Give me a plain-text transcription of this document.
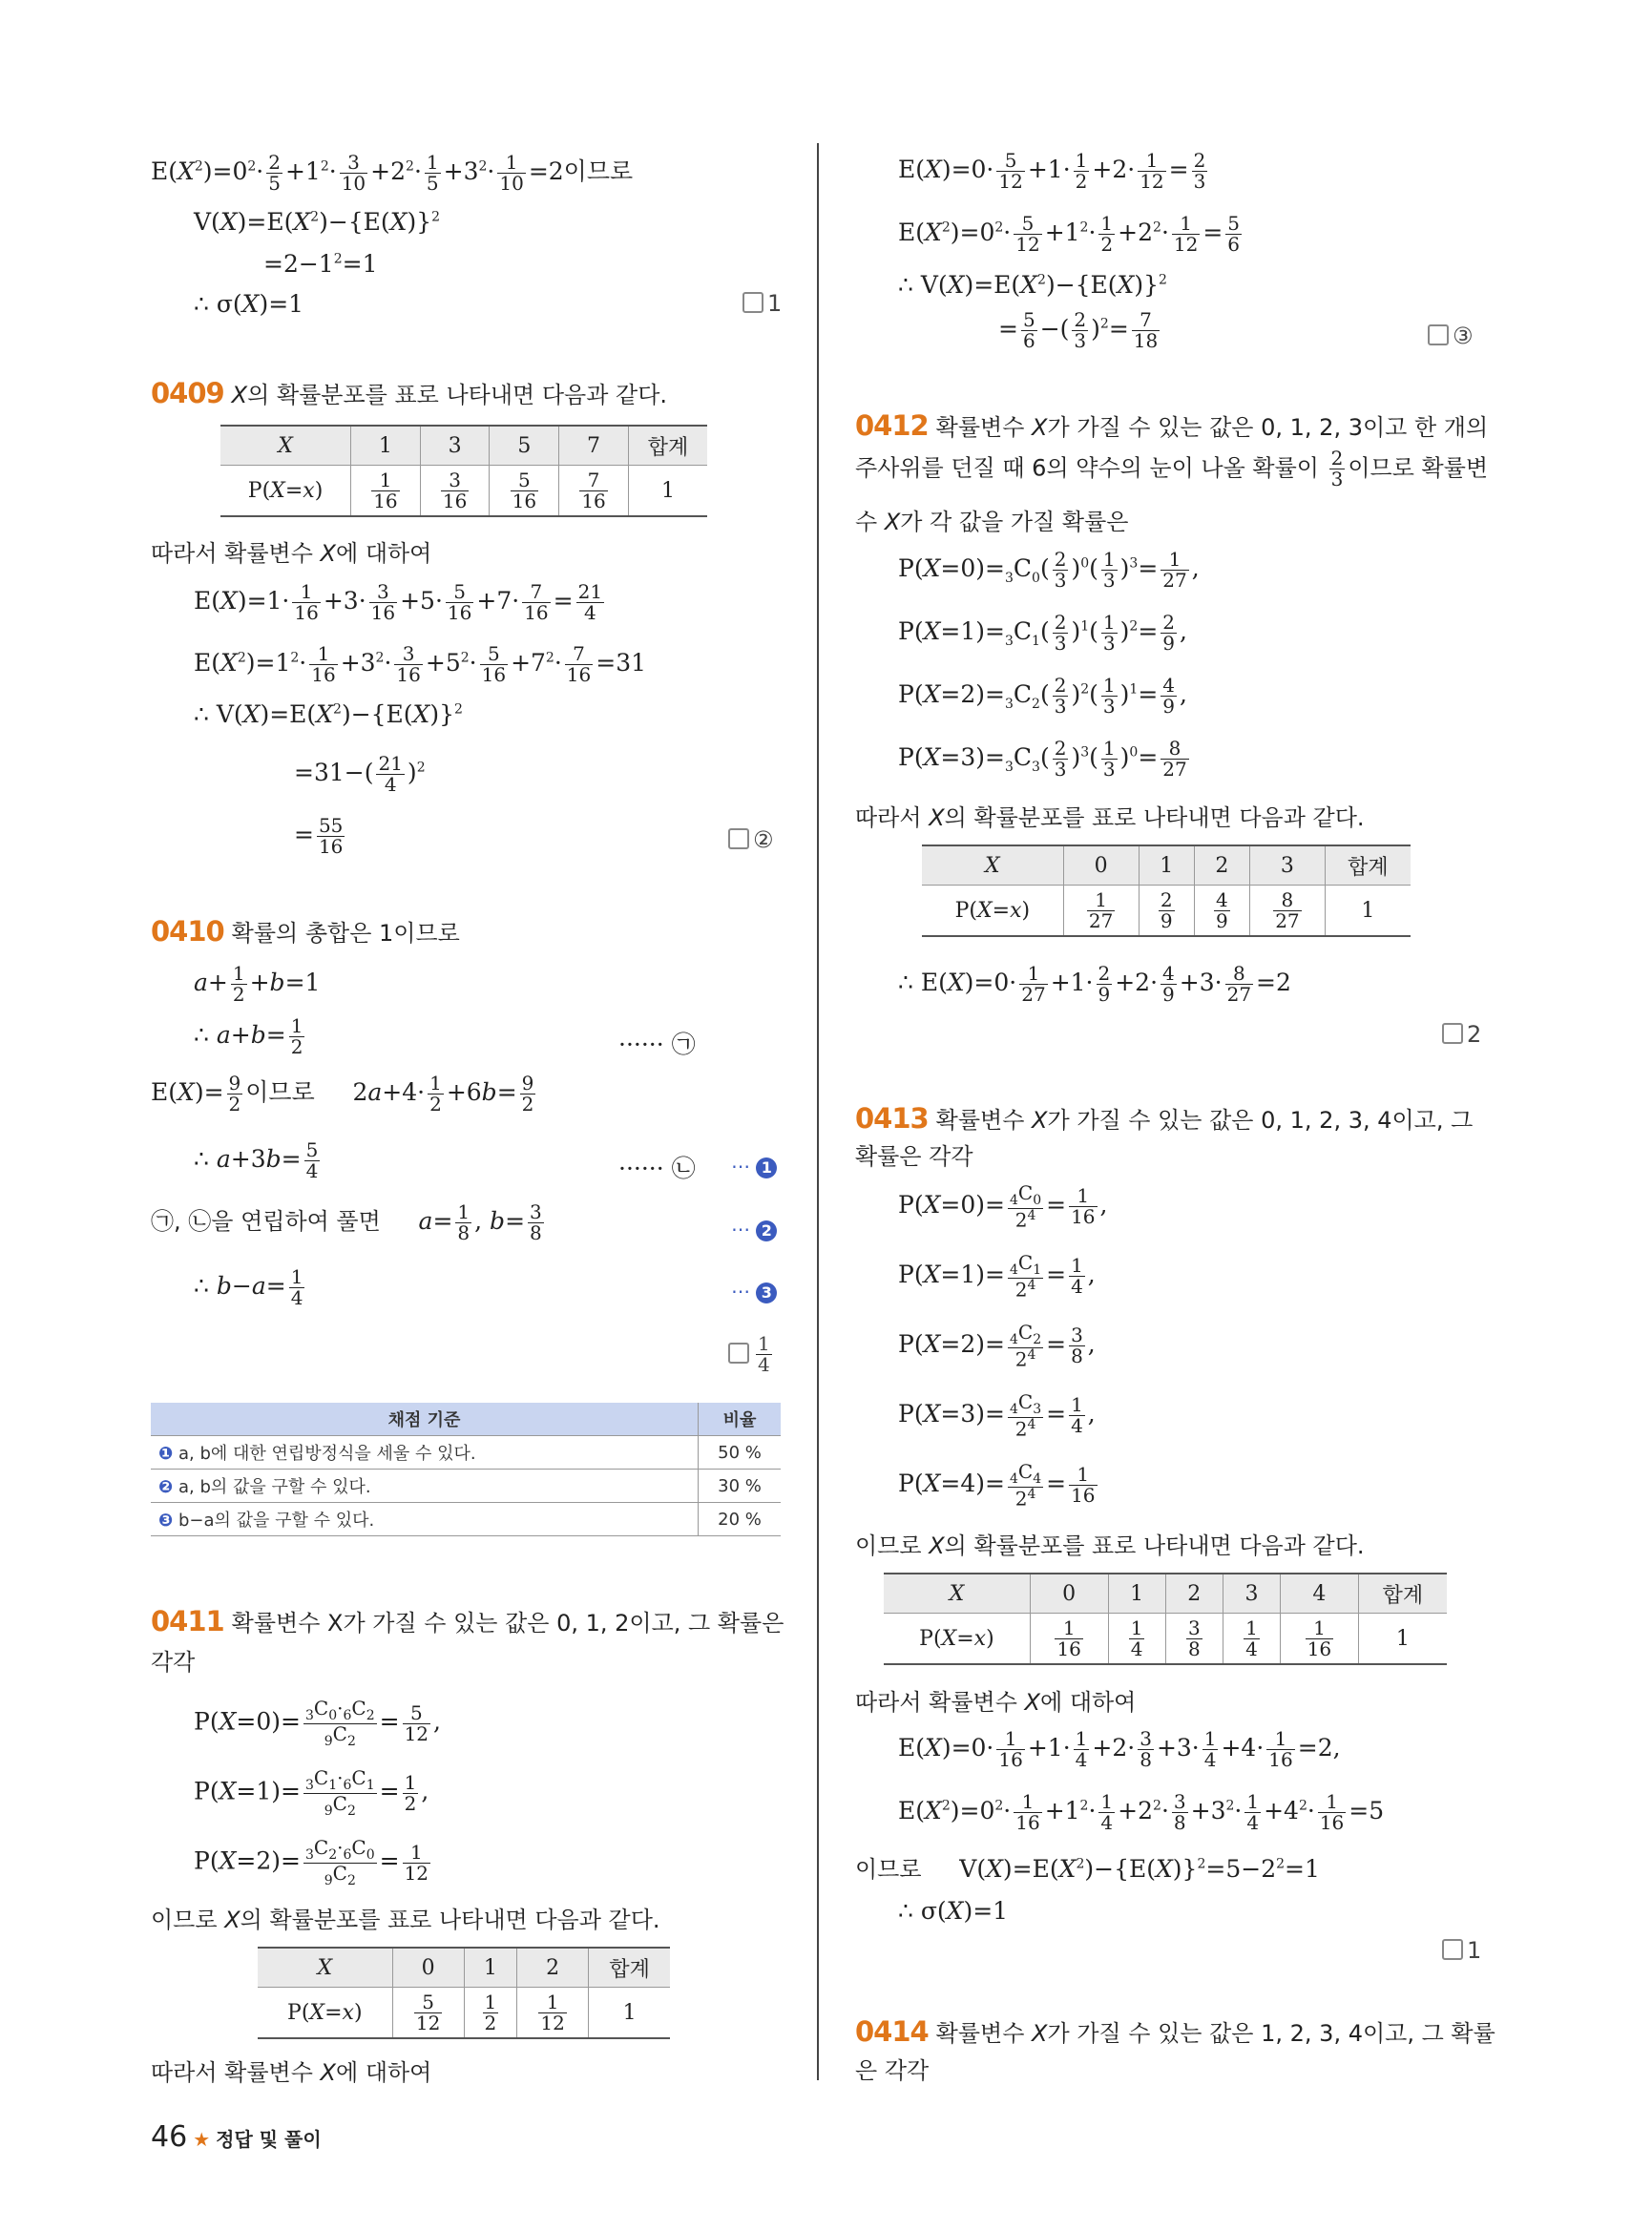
$E(X^2)=0^2\cdot \frac{2}{5} +1^2\cdot \frac{3}{10} +2^2\cdot \frac{1}{5} +3^2\cdot \frac{1}{10} =2$이므로
$V(X)=E(X^2)-\{E(X)\}^2$
$=2-1^2=1$
∴ σ(X)=1	1
0409 X의 확률분포를 표로 나타내면 다음과 같다.
X	1	3	5	7	합계
P(X=x)	$\frac{1}{16}$	$\frac{3}{16}$	$\frac{5}{16}$	$\frac{7}{16}$	1
따라서 확률변수 X에 대하여
$E(X)=1\cdot \frac{1}{16} +3\cdot \frac{3}{16} +5\cdot \frac{5}{16} +7\cdot \frac{7}{16} = \frac{21}{4}$
$E(X^2)=1^2\cdot \frac{1}{16} +3^2\cdot \frac{3}{16} +5^2\cdot \frac{5}{16} +7^2\cdot \frac{7}{16} =31$
∴ $V(X)=E(X^2)-\{E(X)\}^2$
$=31-( \frac{21}{4} )^2$
= $\frac{55}{16}$	②
0410 확률의 총합은 1이므로
$a+ \frac{1}{2} +b=1$
∴ $a+b= \frac{1}{2}$	······ ㉠
$E(X)= \frac{9}{2}$ 이므로     $2a+4\cdot \frac{1}{2} +6b= \frac{9}{2}$
∴ $a+3b= \frac{5}{4}$	······ ㉡ ⋯ 1
㉠, ㉡을 연립하여 풀면 $a= \frac{1}{8}$ , $b= \frac{3}{8}$	⋯ 2
∴ $b-a= \frac{1}{4}$	⋯ 3
$\frac{1}{4}$
채점 기준	비율
❶ a, b에 대한 연립방정식을 세울 수 있다.	50 %
❷ a, b의 값을 구할 수 있다.	30 %
❸ b−a의 값을 구할 수 있다.	20 %
0411 확률변수 X가 가질 수 있는 값은 0, 1, 2이고, 그 확률은
각각
$P(X=0)= \frac{_3C_0\cdot_6C_2}{_9C_2} = \frac{5}{12}$ ,
$P(X=1)= \frac{_3C_1\cdot_6C_1}{_9C_2} = \frac{1}{2}$ ,
$P(X=2)= \frac{_3C_2\cdot_6C_0}{_9C_2} = \frac{1}{12}$
이므로 X의 확률분포를 표로 나타내면 다음과 같다.
X	0	1	2	합계
P(X=x)	$\frac{5}{12}$	$\frac{1}{2}$	$\frac{1}{12}$	1
따라서 확률변수 X에 대하여
$E(X)=0\cdot \frac{5}{12} +1\cdot \frac{1}{2} +2\cdot \frac{1}{12} = \frac{2}{3}$
$E(X^2)=0^2\cdot \frac{5}{12} +1^2\cdot \frac{1}{2} +2^2\cdot \frac{1}{12} = \frac{5}{6}$
∴ $V(X)=E(X^2)-\{E(X)\}^2$
= $\frac{5}{6}$ −( $\frac{2}{3} )^2= \frac{7}{18}$	③
0412 확률변수 X가 가질 수 있는 값은 0, 1, 2, 3이고 한 개의
주사위를 던질 때 6의 약수의 눈이 나올 확률이 $\frac{2}{3}$ 이므로 확률변
수 X가 각 값을 가질 확률은
$P(X=0)=_3C_0( \frac{2}{3} )^0( \frac{1}{3} )^3= \frac{1}{27}$ ,
$P(X=1)=_3C_1( \frac{2}{3} )^1( \frac{1}{3} )^2= \frac{2}{9}$ ,
$P(X=2)=_3C_2( \frac{2}{3} )^2( \frac{1}{3} )^1= \frac{4}{9}$ ,
$P(X=3)=_3C_3( \frac{2}{3} )^3( \frac{1}{3} )^0= \frac{8}{27}$
따라서 X의 확률분포를 표로 나타내면 다음과 같다.
X	0	1	2	3	합계
P(X=x)	$\frac{1}{27}$	$\frac{2}{9}$	$\frac{4}{9}$	$\frac{8}{27}$	1
∴ $E(X)=0\cdot \frac{1}{27} +1\cdot \frac{2}{9} +2\cdot \frac{4}{9} +3\cdot \frac{8}{27} =2$
2
0413 확률변수 X가 가질 수 있는 값은 0, 1, 2, 3, 4이고, 그
확률은 각각
$P(X=0)= \frac{_4C_0}{2^4} = \frac{1}{16}$ ,
$P(X=1)= \frac{_4C_1}{2^4} = \frac{1}{4}$ ,
$P(X=2)= \frac{_4C_2}{2^4} = \frac{3}{8}$ ,
$P(X=3)= \frac{_4C_3}{2^4} = \frac{1}{4}$ ,
$P(X=4)= \frac{_4C_4}{2^4} = \frac{1}{16}$
이므로 X의 확률분포를 표로 나타내면 다음과 같다.
X	0	1	2	3	4	합계
P(X=x)	$\frac{1}{16}$	$\frac{1}{4}$	$\frac{3}{8}$	$\frac{1}{4}$	$\frac{1}{16}$	1
따라서 확률변수 X에 대하여
$E(X)=0\cdot \frac{1}{16} +1\cdot \frac{1}{4} +2\cdot \frac{3}{8} +3\cdot \frac{1}{4} +4\cdot \frac{1}{16} =2$,
$E(X^2)=0^2\cdot \frac{1}{16} +1^2\cdot \frac{1}{4} +2^2\cdot \frac{3}{8} +3^2\cdot \frac{1}{4} +4^2\cdot \frac{1}{16} =5$
이므로     $V(X)=E(X^2)-\{E(X)\}^2=5-2^2=1$
∴ σ(X)=1
1
0414 확률변수 X가 가질 수 있는 값은 1, 2, 3, 4이고, 그 확률
은 각각
46 ★ 정답 및 풀이
